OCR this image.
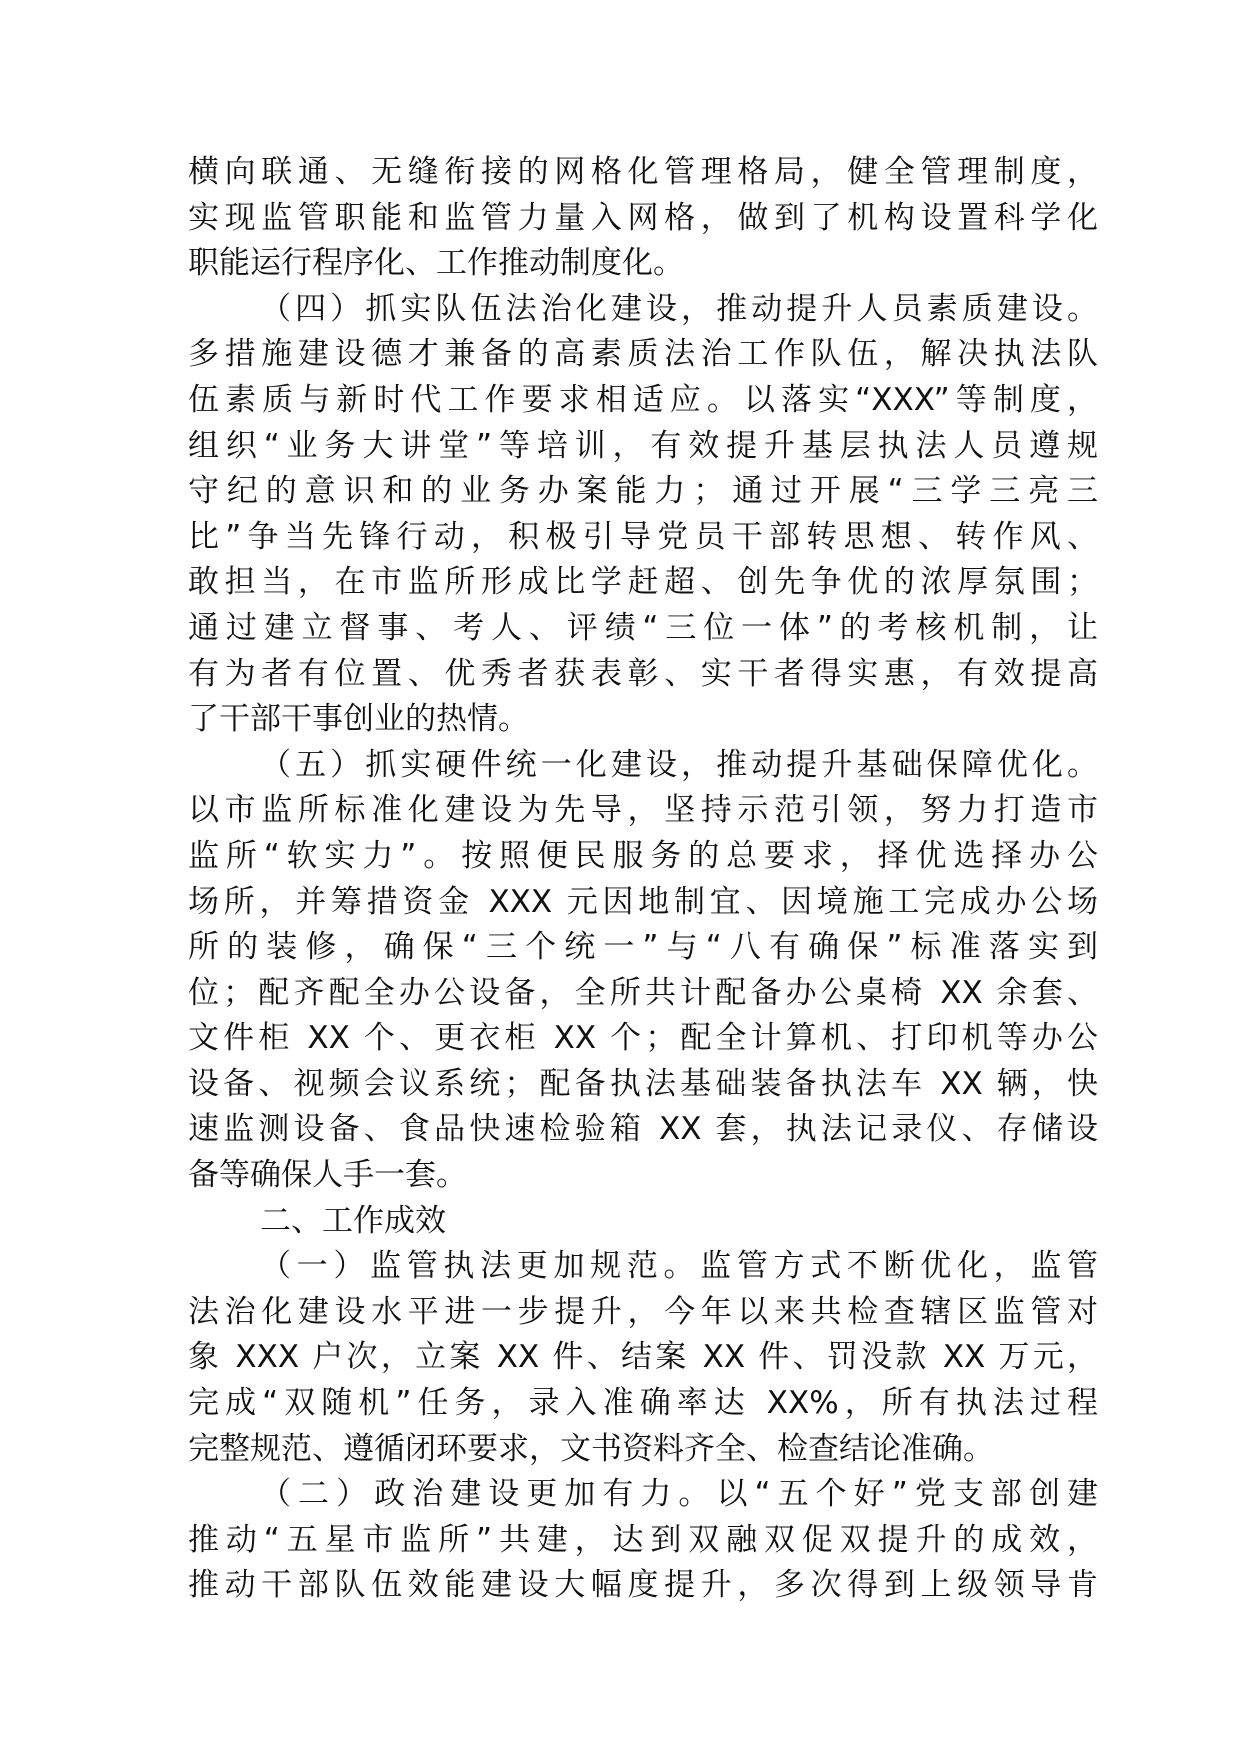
横向联通、无缝衔接的网格化管理格局，健全管理制度，
实现监管职能和监管力量入网格，做到了机构设置科学化
职能运行程序化、工作推动制度化。
（四）抓实队伍法治化建设，推动提升人员素质建设。
多措施建设德才兼备的高素质法治工作队伍，解决执法队
伍素质与新时代工作要求相适应。以落实“XXX”等制度，
组织“业务大讲堂”等培训，有效提升基层执法人员遵规
守纪的意识和的业务办案能力；通过开展“三学三亮三
比”争当先锋行动，积极引导党员干部转思想、转作风、
敢担当，在市监所形成比学赶超、创先争优的浓厚氛围；
通过建立督事、考人、评绩“三位一体”的考核机制，让
有为者有位置、优秀者获表彰、实干者得实惠，有效提高
了干部干事创业的热情。
（五）抓实硬件统一化建设，推动提升基础保障优化。
以市监所标准化建设为先导，坚持示范引领，努力打造市
监所“软实力”。按照便民服务的总要求，择优选择办公
场所，并筹措资金 XXX 元因地制宜、因境施工完成办公场
所的装修，确保“三个统一”与“八有确保”标准落实到
位；配齐配全办公设备，全所共计配备办公桌椅 XX 余套、
文件柜 XX 个、更衣柜 XX 个；配全计算机、打印机等办公
设备、视频会议系统；配备执法基础装备执法车 XX 辆，快
速监测设备、食品快速检验箱 XX 套，执法记录仪、存储设
备等确保人手一套。
二、工作成效
（一）监管执法更加规范。监管方式不断优化，监管
法治化建设水平进一步提升，今年以来共检查辖区监管对
象 XXX 户次，立案 XX 件、结案 XX 件、罚没款 XX 万元，
完成“双随机”任务，录入准确率达 XX%，所有执法过程
完整规范、遵循闭环要求，文书资料齐全、检查结论准确。
（二）政治建设更加有力。以“五个好”党支部创建
推动“五星市监所”共建，达到双融双促双提升的成效，
推动干部队伍效能建设大幅度提升，多次得到上级领导肯
